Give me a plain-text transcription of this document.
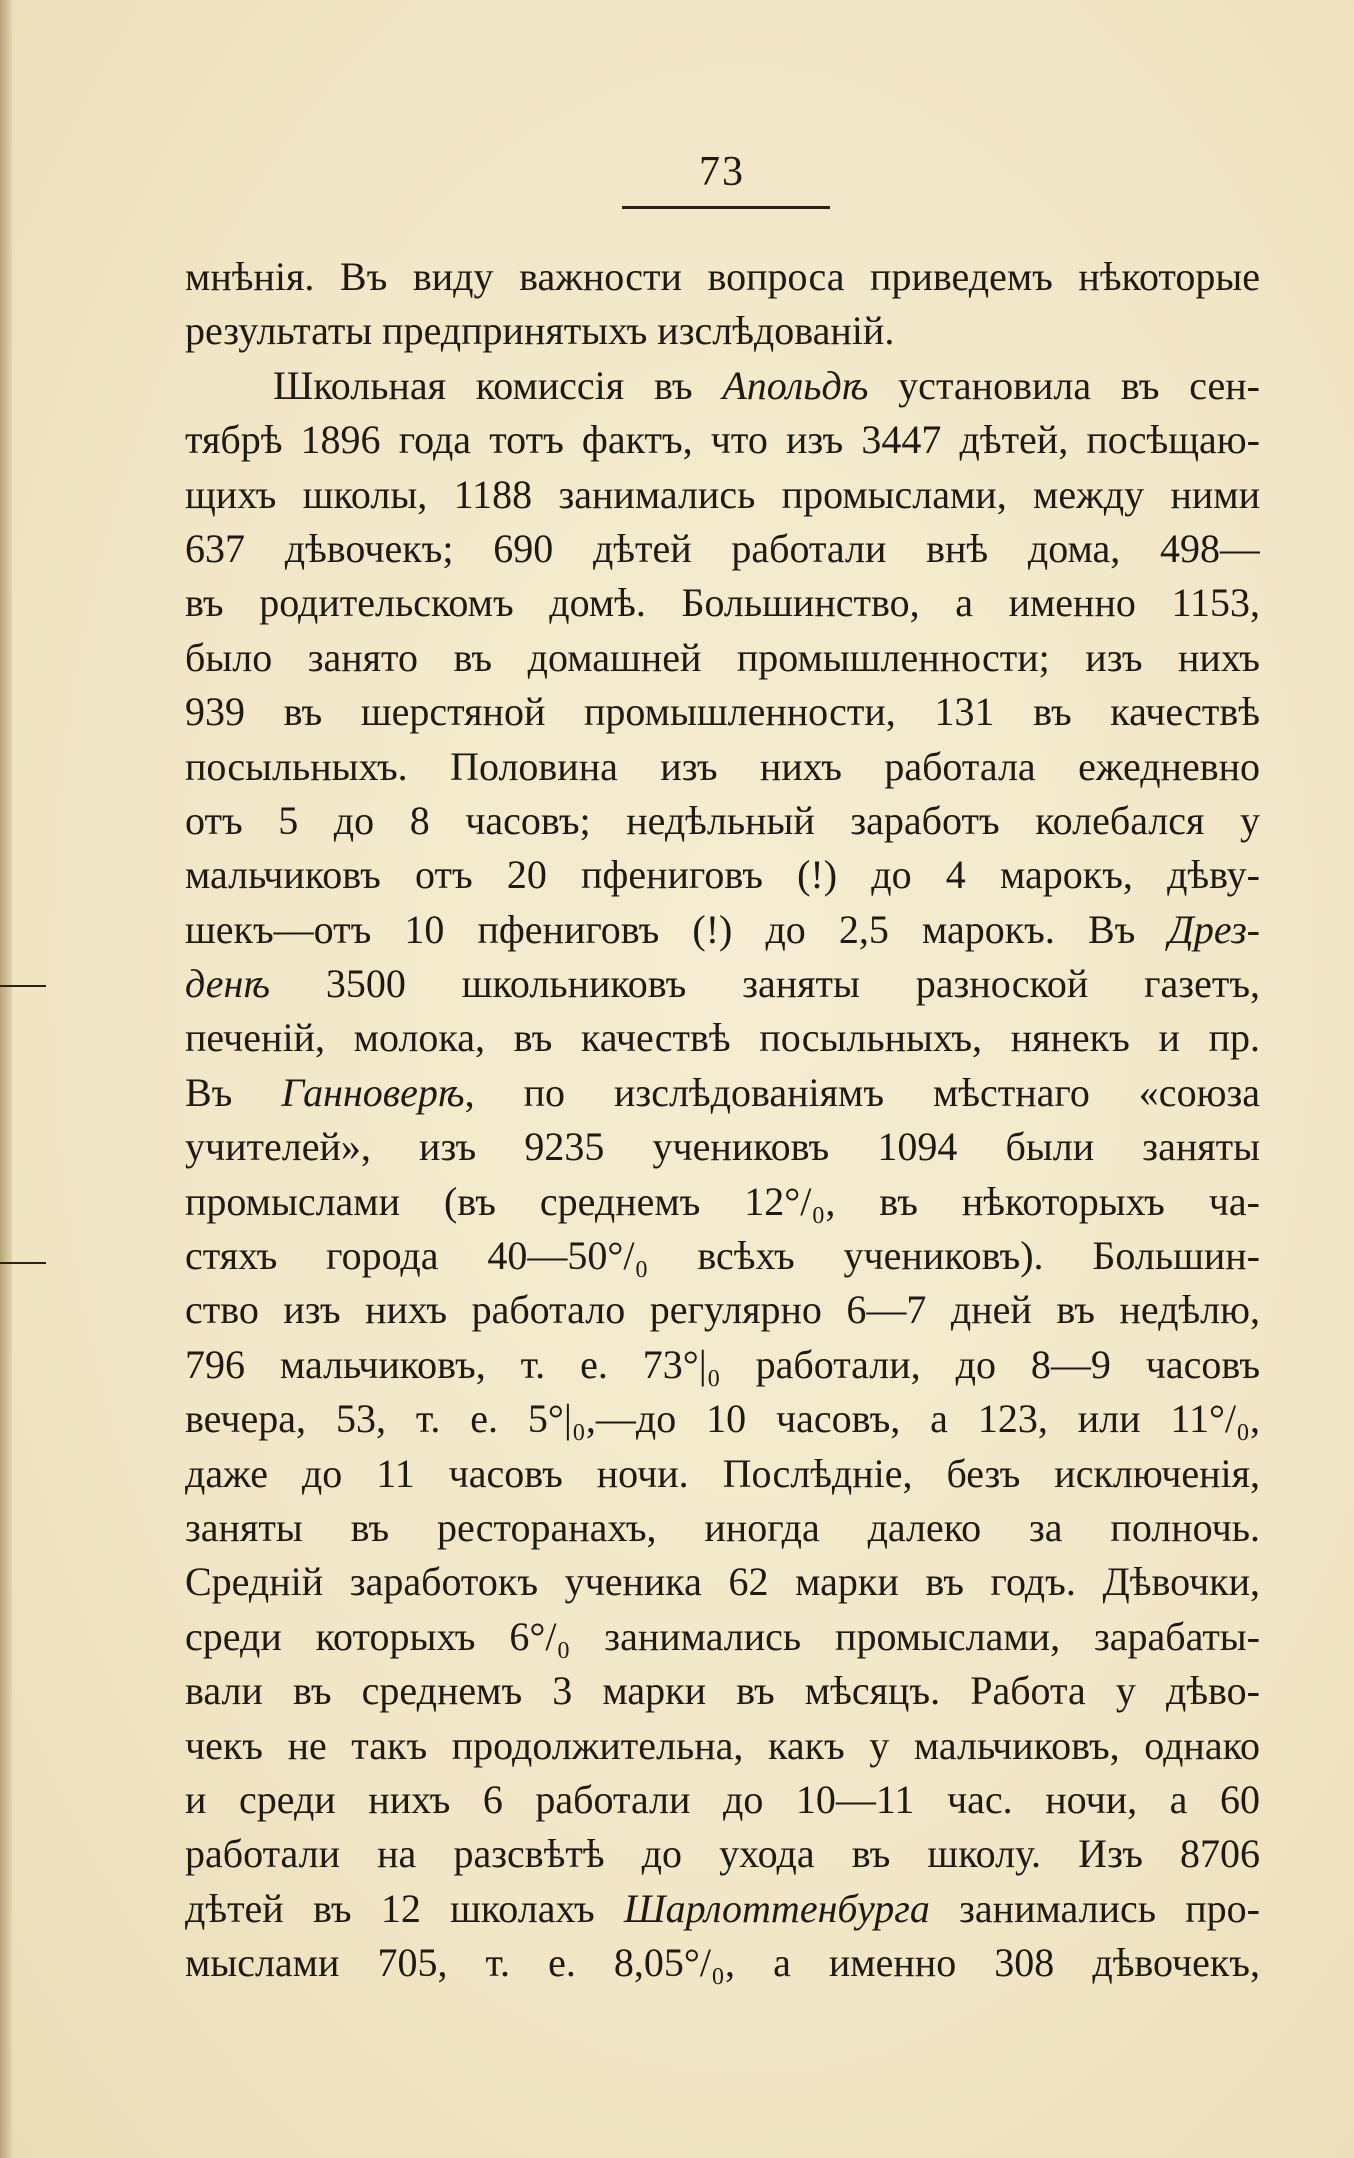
73
мнѣнія. Въ виду важности вопроса приведемъ нѣкоторые
результаты предпринятыхъ изслѣдованій.
Школьная комиссія въ Апольдѣ установила въ сен-
тябрѣ 1896 года тотъ фактъ, что изъ 3447 дѣтей, посѣщаю-
щихъ школы, 1188 занимались промыслами, между ними
637 дѣвочекъ; 690 дѣтей работали внѣ дома, 498—
въ родительскомъ домѣ. Большинство, а именно 1153,
было занято въ домашней промышленности; изъ нихъ
939 въ шерстяной промышленности, 131 въ качествѣ
посыльныхъ. Половина изъ нихъ работала ежедневно
отъ 5 до 8 часовъ; недѣльный заработъ колебался у
мальчиковъ отъ 20 пфениговъ (!) до 4 марокъ, дѣву-
шекъ—отъ 10 пфениговъ (!) до 2,5 марокъ. Въ Дрез-
денѣ 3500 школьниковъ заняты разноской газетъ,
печеній, молока, въ качествѣ посыльныхъ, нянекъ и пр.
Въ Ганноверѣ, по изслѣдованіямъ мѣстнаго «союза
учителей», изъ 9235 учениковъ 1094 были заняты
промыслами (въ среднемъ 12°/₀, въ нѣкоторыхъ ча-
стяхъ города 40—50°/₀ всѣхъ учениковъ). Большин-
ство изъ нихъ работало регулярно 6—7 дней въ недѣлю,
796 мальчиковъ, т. е. 73°|₀ работали, до 8—9 часовъ
вечера, 53, т. е. 5°|₀,—до 10 часовъ, а 123, или 11°/₀,
даже до 11 часовъ ночи. Послѣдніе, безъ исключенія,
заняты въ ресторанахъ, иногда далеко за полночь.
Средній заработокъ ученика 62 марки въ годъ. Дѣвочки,
среди которыхъ 6°/₀ занимались промыслами, зарабаты-
вали въ среднемъ 3 марки въ мѣсяцъ. Работа у дѣво-
чекъ не такъ продолжительна, какъ у мальчиковъ, однако
и среди нихъ 6 работали до 10—11 час. ночи, а 60
работали на разсвѣтѣ до ухода въ школу. Изъ 8706
дѣтей въ 12 школахъ Шарлоттенбурга занимались про-
мыслами 705, т. е. 8,05°/₀, а именно 308 дѣвочекъ,
